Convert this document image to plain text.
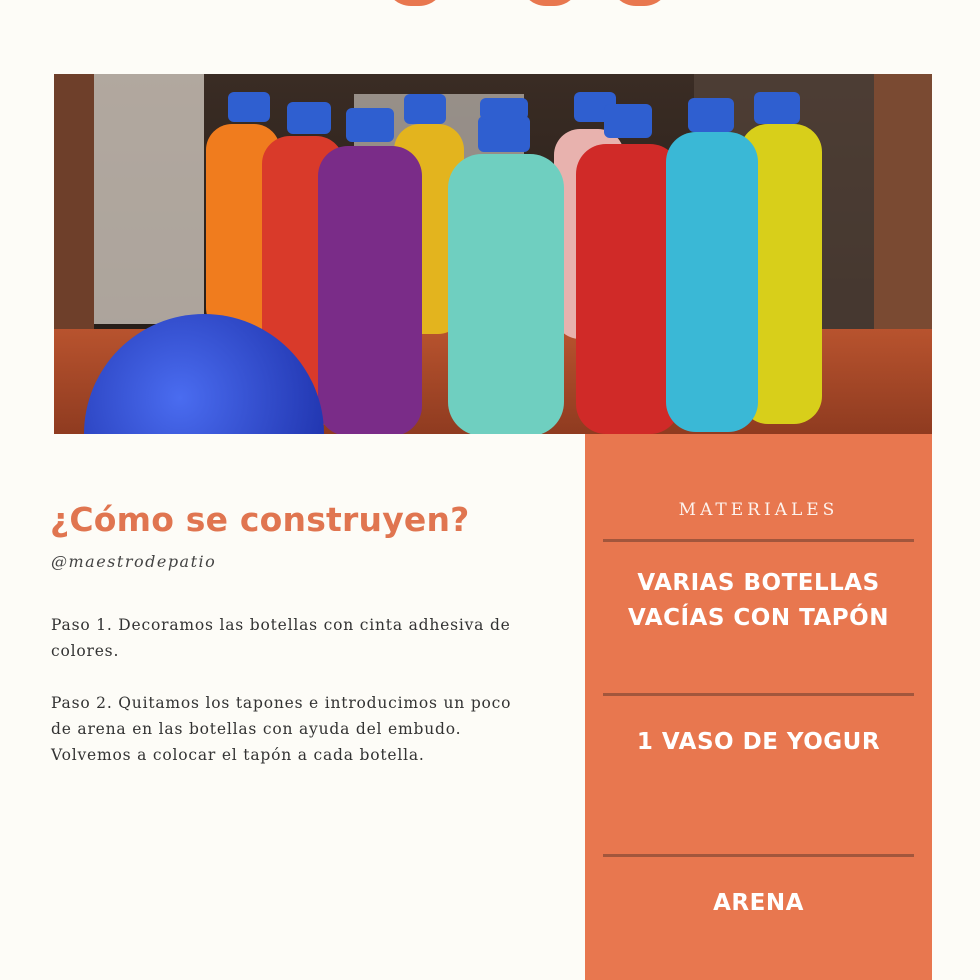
¿Cómo se construyen?
@maestrodepatio

Paso 1. Decoramos las botellas con cinta adhesiva de colores.

Paso 2. Quitamos los tapones e introducimos un poco de arena en las botellas con ayuda del embudo. Volvemos a colocar el tapón a cada botella.

MATERIALES
VARIAS BOTELLAS
VACÍAS CON TAPÓN
1 VASO DE YOGUR
ARENA
